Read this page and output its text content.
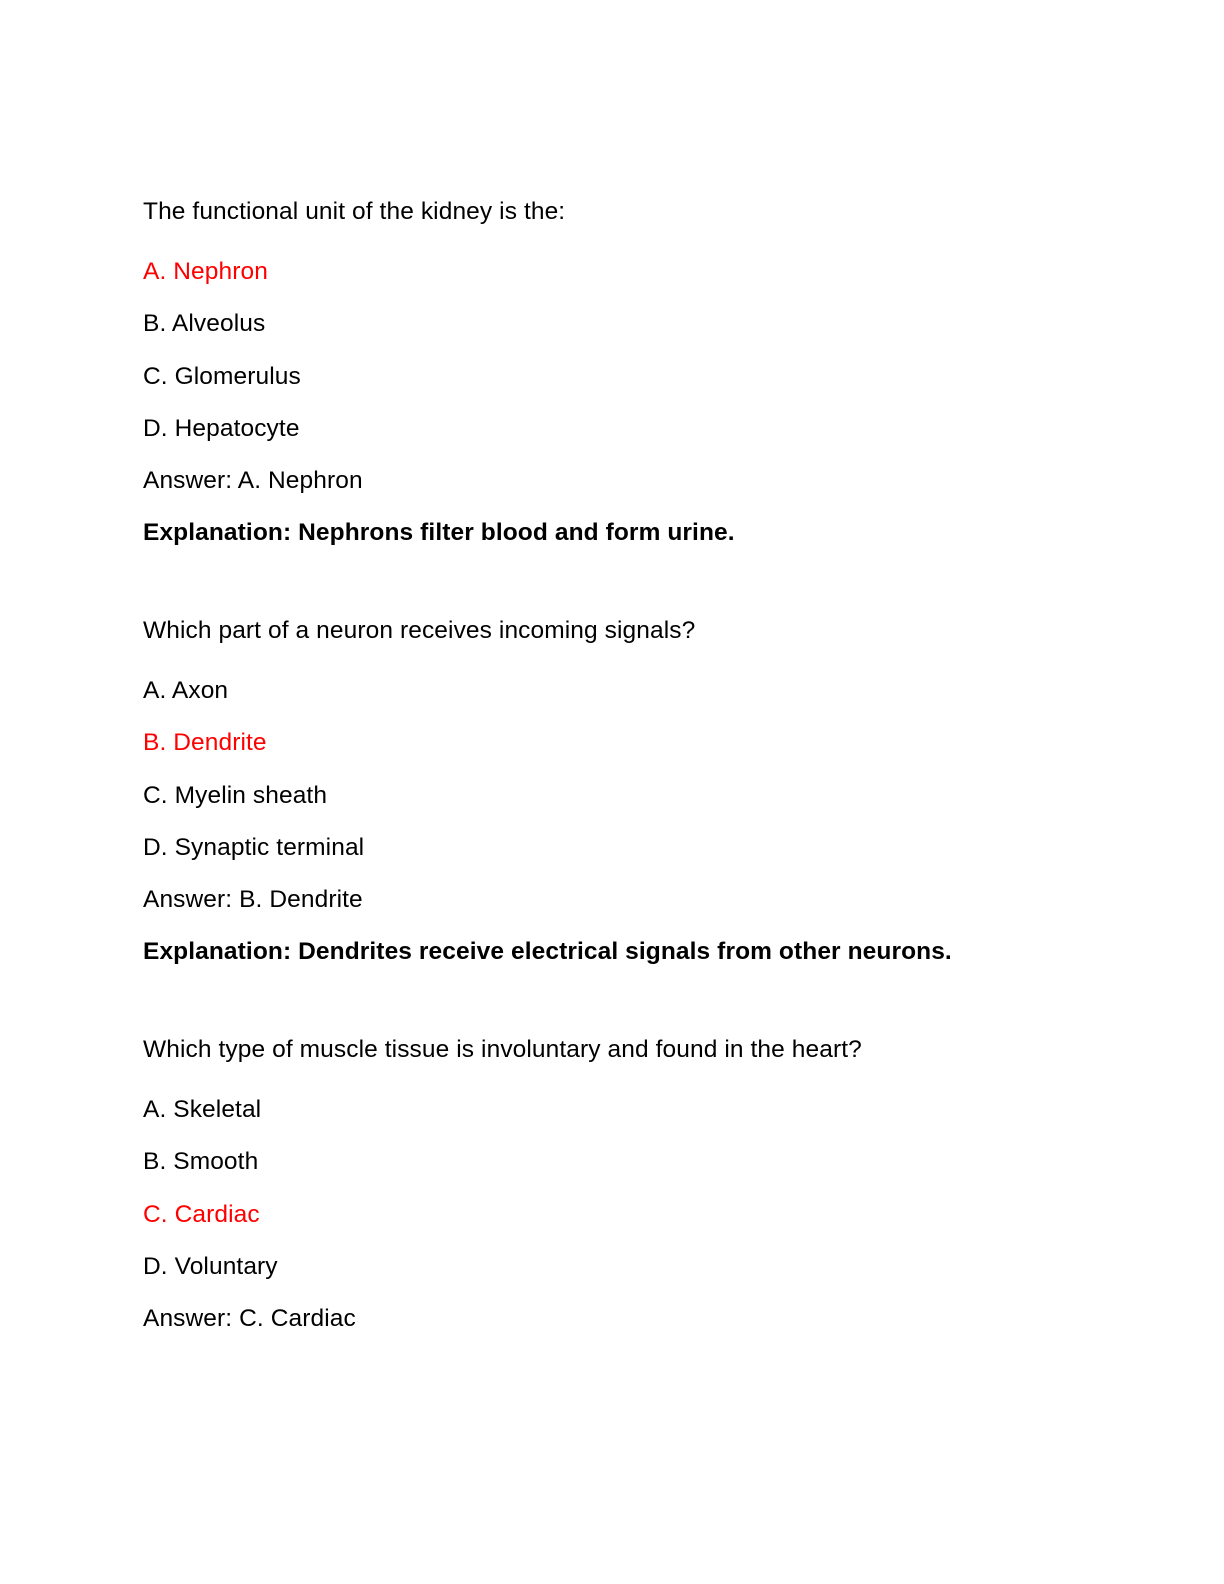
The functional unit of the kidney is the:

A. Nephron

B. Alveolus

C. Glomerulus

D. Hepatocyte

Answer: A. Nephron

Explanation: Nephrons filter blood and form urine.

Which part of a neuron receives incoming signals?

A. Axon

B. Dendrite

C. Myelin sheath

D. Synaptic terminal

Answer: B. Dendrite

Explanation: Dendrites receive electrical signals from other neurons.

Which type of muscle tissue is involuntary and found in the heart?

A. Skeletal

B. Smooth

C. Cardiac

D. Voluntary

Answer: C. Cardiac
